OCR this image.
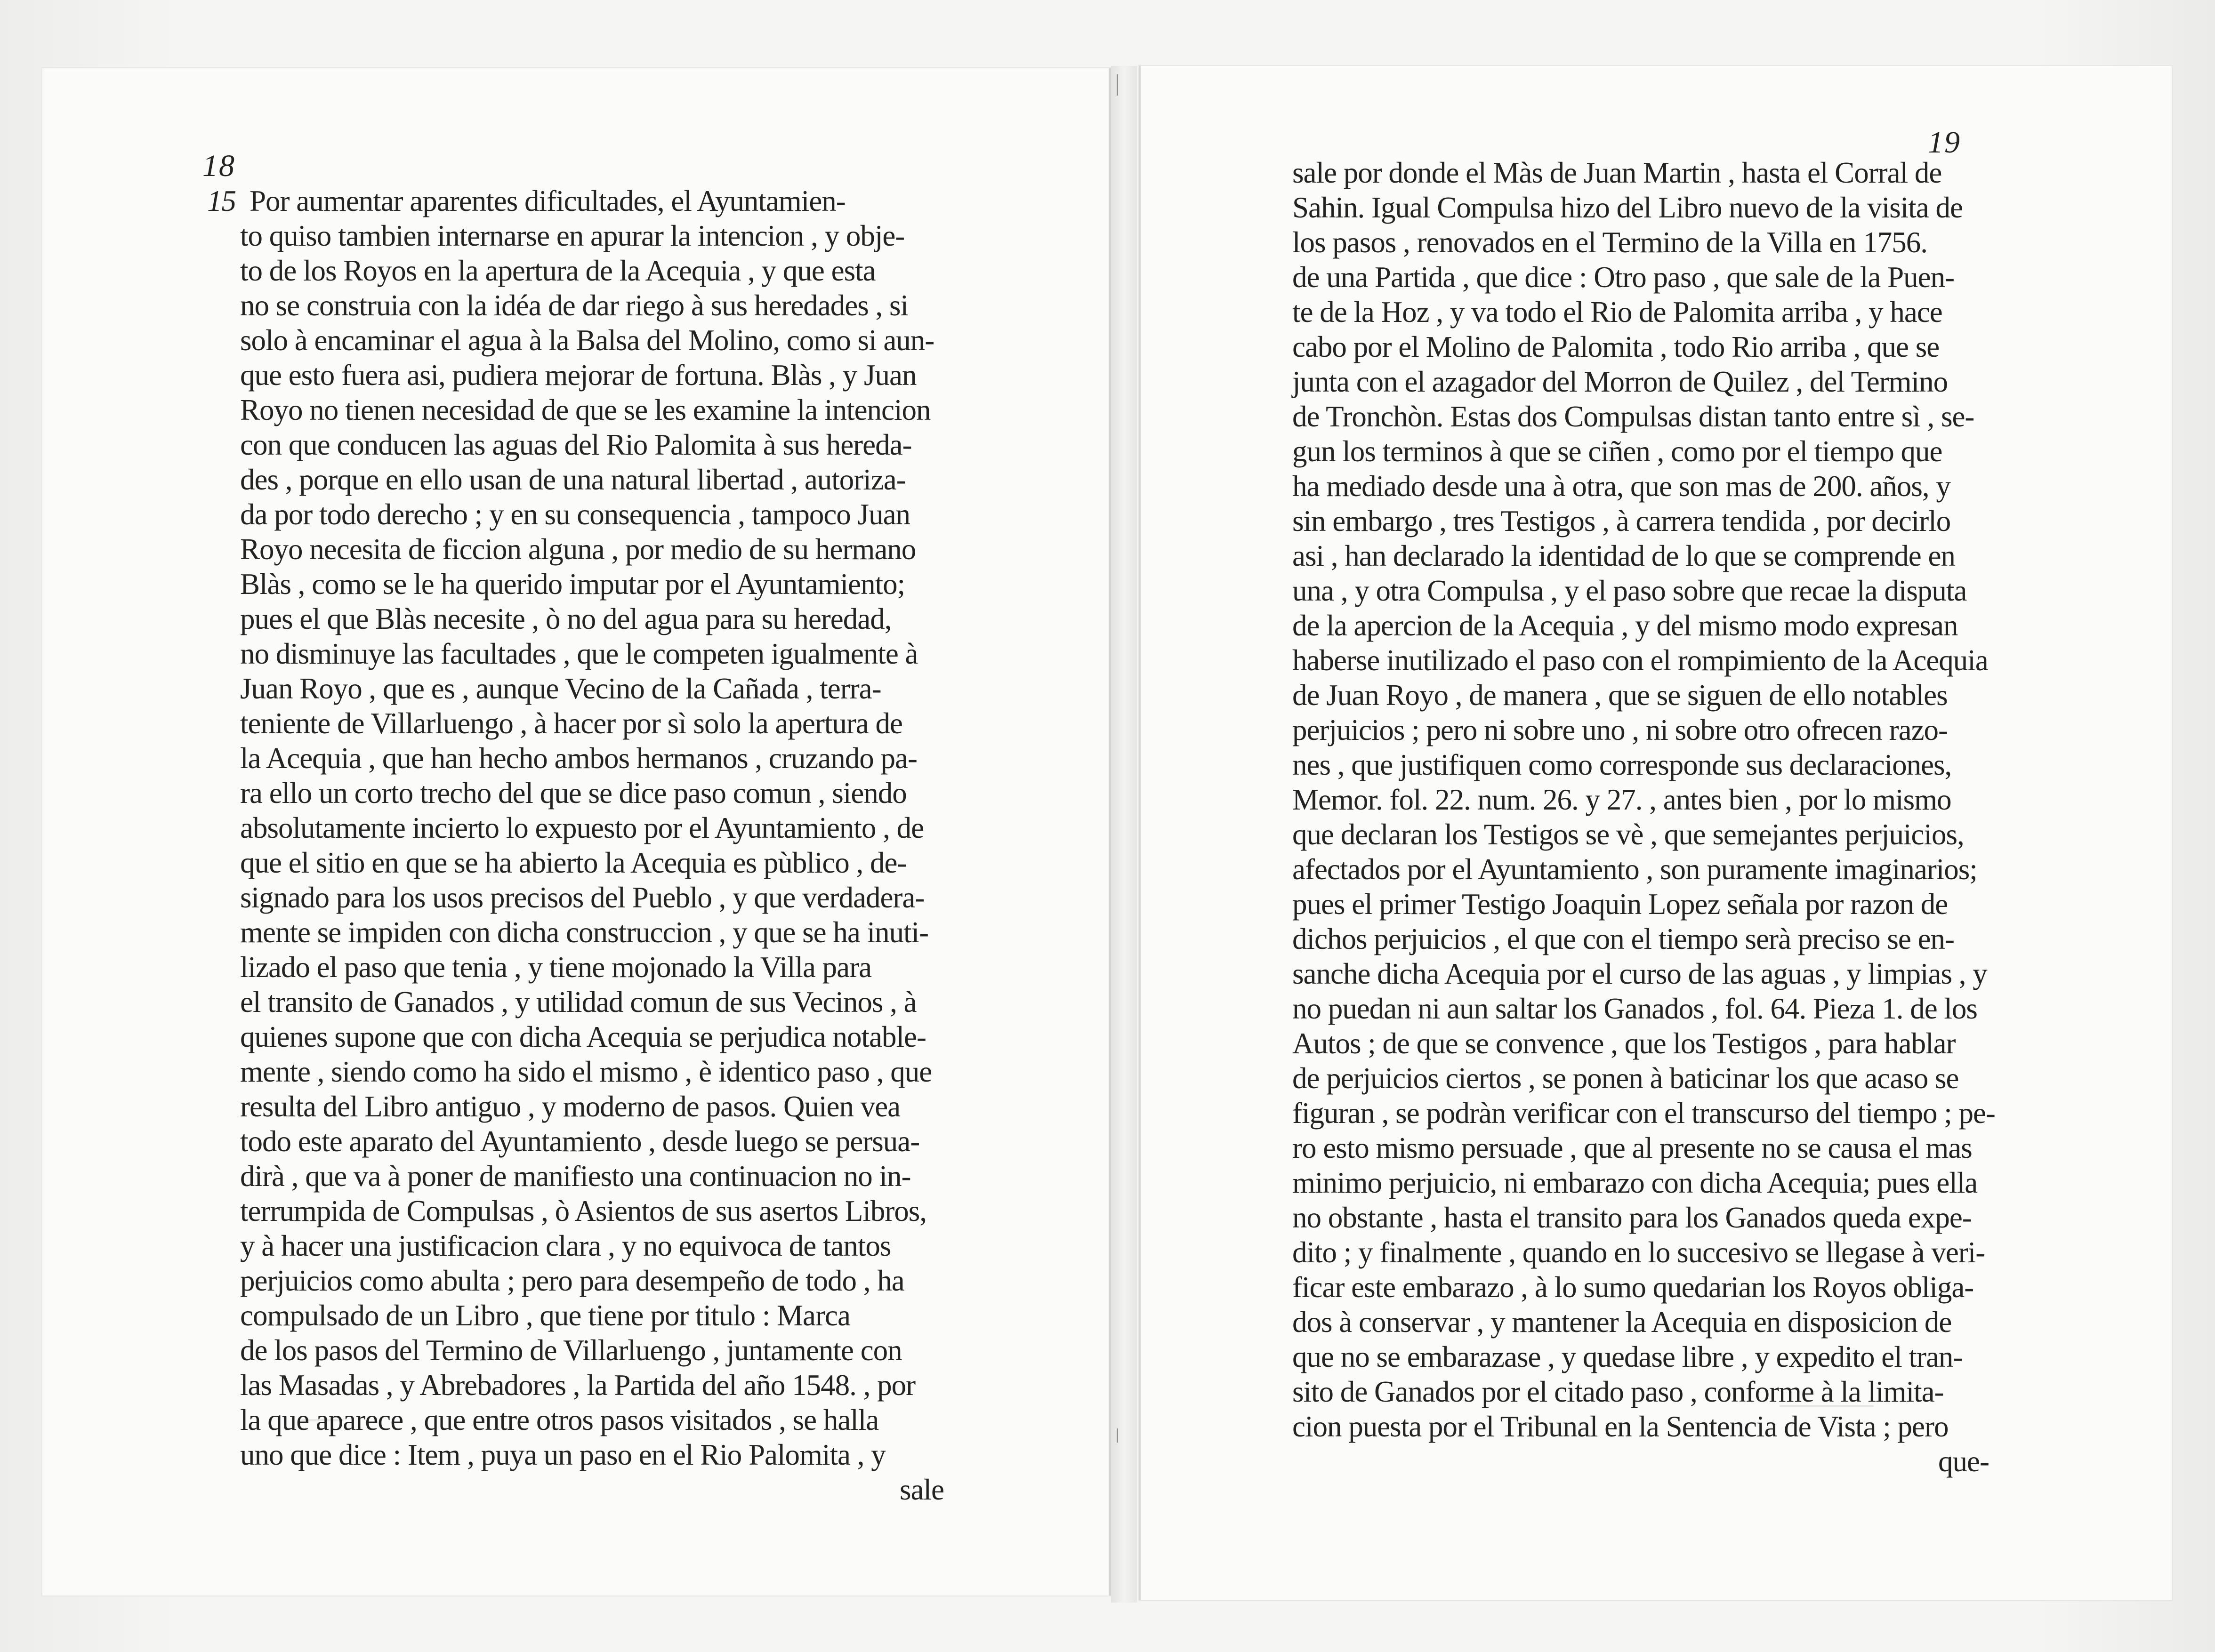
18
15 Por aumentar aparentes dificultades, el Ayuntamien-
to quiso tambien internarse en apurar la intencion , y obje-
to de los Royos en la apertura de la Acequia , y que esta
no se construia con la idéa de dar riego à sus heredades , si
solo à encaminar el agua à la Balsa del Molino, como si aun-
que esto fuera asi, pudiera mejorar de fortuna. Blàs , y Juan
Royo no tienen necesidad de que se les examine la intencion
con que conducen las aguas del Rio Palomita à sus hereda-
des , porque en ello usan de una natural libertad , autoriza-
da por todo derecho ; y en su consequencia , tampoco Juan
Royo necesita de ficcion alguna , por medio de su hermano
Blàs , como se le ha querido imputar por el Ayuntamiento;
pues el que Blàs necesite , ò no del agua para su heredad,
no disminuye las facultades , que le competen igualmente à
Juan Royo , que es , aunque Vecino de la Cañada , terra-
teniente de Villarluengo , à hacer por sì solo la apertura de
la Acequia , que han hecho ambos hermanos , cruzando pa-
ra ello un corto trecho del que se dice paso comun , siendo
absolutamente incierto lo expuesto por el Ayuntamiento , de
que el sitio en que se ha abierto la Acequia es pùblico , de-
signado para los usos precisos del Pueblo , y que verdadera-
mente se impiden con dicha construccion , y que se ha inuti-
lizado el paso que tenia , y tiene mojonado la Villa para
el transito de Ganados , y utilidad comun de sus Vecinos , à
quienes supone que con dicha Acequia se perjudica notable-
mente , siendo como ha sido el mismo , è identico paso , que
resulta del Libro antiguo , y moderno de pasos. Quien vea
todo este aparato del Ayuntamiento , desde luego se persua-
dirà , que va à poner de manifiesto una continuacion no in-
terrumpida de Compulsas , ò Asientos de sus asertos Libros,
y à hacer una justificacion clara , y no equivoca de tantos
perjuicios como abulta ; pero para desempeño de todo , ha
compulsado de un Libro , que tiene por titulo : Marca
de los pasos del Termino de Villarluengo , juntamente con
las Masadas , y Abrebadores , la Partida del año 1548. , por
la que aparece , que entre otros pasos visitados , se halla
uno que dice : Item , puya un paso en el Rio Palomita , y
sale
19
sale por donde el Màs de Juan Martin , hasta el Corral de
Sahin. Igual Compulsa hizo del Libro nuevo de la visita de
los pasos , renovados en el Termino de la Villa en 1756.
de una Partida , que dice : Otro paso , que sale de la Puen-
te de la Hoz , y va todo el Rio de Palomita arriba , y hace
cabo por el Molino de Palomita , todo Rio arriba , que se
junta con el azagador del Morron de Quilez , del Termino
de Tronchòn. Estas dos Compulsas distan tanto entre sì , se-
gun los terminos à que se ciñen , como por el tiempo que
ha mediado desde una à otra, que son mas de 200. años, y
sin embargo , tres Testigos , à carrera tendida , por decirlo
asi , han declarado la identidad de lo que se comprende en
una , y otra Compulsa , y el paso sobre que recae la disputa
de la apercion de la Acequia , y del mismo modo expresan
haberse inutilizado el paso con el rompimiento de la Acequia
de Juan Royo , de manera , que se siguen de ello notables
perjuicios ; pero ni sobre uno , ni sobre otro ofrecen razo-
nes , que justifiquen como corresponde sus declaraciones,
Memor. fol. 22. num. 26. y 27. , antes bien , por lo mismo
que declaran los Testigos se vè , que semejantes perjuicios,
afectados por el Ayuntamiento , son puramente imaginarios;
pues el primer Testigo Joaquin Lopez señala por razon de
dichos perjuicios , el que con el tiempo serà preciso se en-
sanche dicha Acequia por el curso de las aguas , y limpias , y
no puedan ni aun saltar los Ganados , fol. 64. Pieza 1. de los
Autos ; de que se convence , que los Testigos , para hablar
de perjuicios ciertos , se ponen à baticinar los que acaso se
figuran , se podràn verificar con el transcurso del tiempo ; pe-
ro esto mismo persuade , que al presente no se causa el mas
minimo perjuicio, ni embarazo con dicha Acequia; pues ella
no obstante , hasta el transito para los Ganados queda expe-
dito ; y finalmente , quando en lo succesivo se llegase à veri-
ficar este embarazo , à lo sumo quedarian los Royos obliga-
dos à conservar , y mantener la Acequia en disposicion de
que no se embarazase , y quedase libre , y expedito el tran-
sito de Ganados por el citado paso , conforme à la limita-
cion puesta por el Tribunal en la Sentencia de Vista ; pero
que-
